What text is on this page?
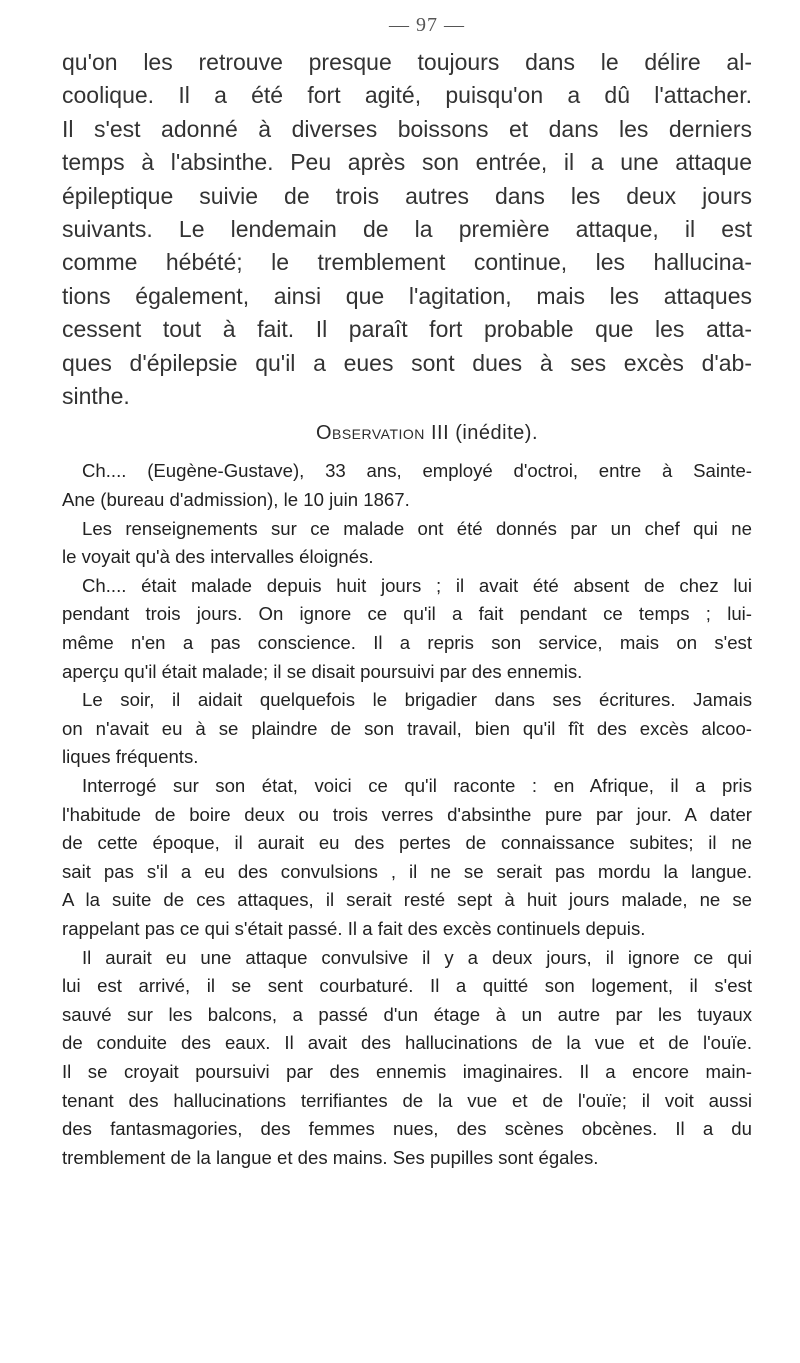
— 97 —
qu'on les retrouve presque toujours dans le délire al-
coolique. Il a été fort agité, puisqu'on a dû l'attacher.
Il s'est adonné à diverses boissons et dans les derniers
temps à l'absinthe. Peu après son entrée, il a une attaque
épileptique suivie de trois autres dans les deux jours
suivants. Le lendemain de la première attaque, il est
comme hébété; le tremblement continue, les hallucina-
tions également, ainsi que l'agitation, mais les attaques
cessent tout à fait. Il paraît fort probable que les atta-
ques d'épilepsie qu'il a eues sont dues à ses excès d'ab-
sinthe.
Observation III (inédite).
Ch.... (Eugène-Gustave), 33 ans, employé d'octroi, entre à Sainte-
Ane (bureau d'admission), le 10 juin 1867.
Les renseignements sur ce malade ont été donnés par un chef qui ne
le voyait qu'à des intervalles éloignés.
Ch.... était malade depuis huit jours ; il avait été absent de chez lui
pendant trois jours. On ignore ce qu'il a fait pendant ce temps ; lui-
même n'en a pas conscience. Il a repris son service, mais on s'est
aperçu qu'il était malade; il se disait poursuivi par des ennemis.
Le soir, il aidait quelquefois le brigadier dans ses écritures. Jamais
on n'avait eu à se plaindre de son travail, bien qu'il fît des excès alcoo-
liques fréquents.
Interrogé sur son état, voici ce qu'il raconte : en Afrique, il a pris
l'habitude de boire deux ou trois verres d'absinthe pure par jour. A dater
de cette époque, il aurait eu des pertes de connaissance subites; il ne
sait pas s'il a eu des convulsions , il ne se serait pas mordu la langue.
A la suite de ces attaques, il serait resté sept à huit jours malade, ne se
rappelant pas ce qui s'était passé. Il a fait des excès continuels depuis.
Il aurait eu une attaque convulsive il y a deux jours, il ignore ce qui
lui est arrivé, il se sent courbaturé. Il a quitté son logement, il s'est
sauvé sur les balcons, a passé d'un étage à un autre par les tuyaux
de conduite des eaux. Il avait des hallucinations de la vue et de l'ouïe.
Il se croyait poursuivi par des ennemis imaginaires. Il a encore main-
tenant des hallucinations terrifiantes de la vue et de l'ouïe; il voit aussi
des fantasmagories, des femmes nues, des scènes obcènes. Il a du
tremblement de la langue et des mains. Ses pupilles sont égales.
